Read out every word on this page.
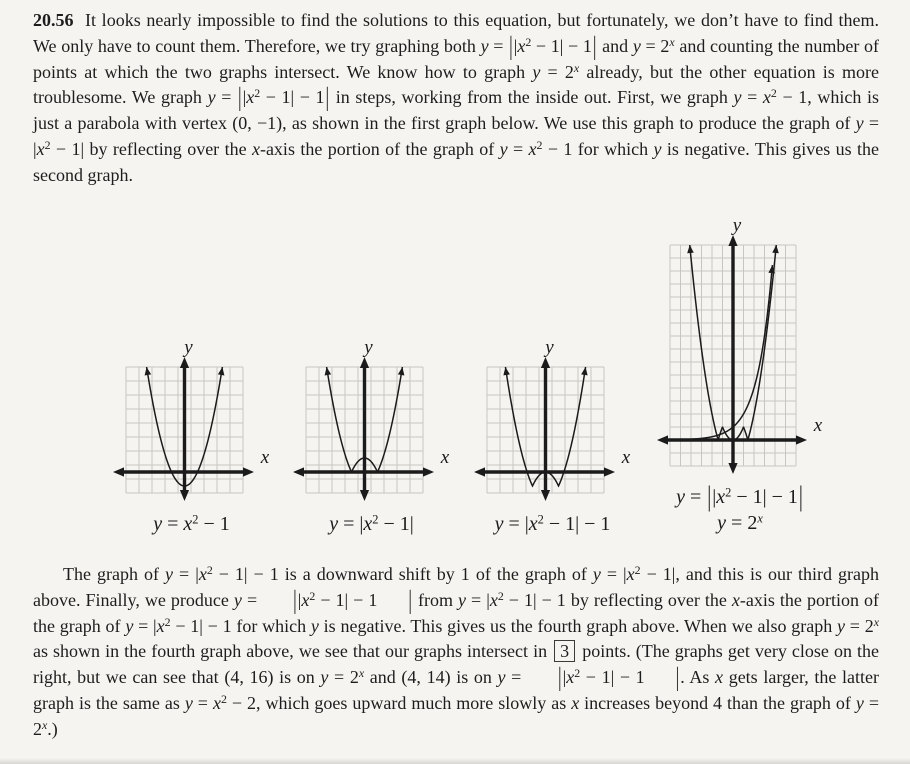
20.56  It looks nearly impossible to find the solutions to this equation, but fortunately, we don’t have to find them. We only have to count them. Therefore, we try graphing both $y = ||x^2 - 1| - 1|$ and $y = 2^x$ and counting the number of points at which the two graphs intersect. We know how to graph $y = 2^x$ already, but the other equation is more troublesome. We graph $y = ||x^2 - 1| - 1|$ in steps, working from the inside out. First, we graph $y = x^2 - 1$, which is just a parabola with vertex (0, −1), as shown in the first graph below. We use this graph to produce the graph of $y = |x^2 - 1|$ by reflecting over the x-axis the portion of the graph of $y = x^2 - 1$ for which y is negative. This gives us the second graph.
x
y
$y = x^2 - 1$
x
y
$y = |x^2 - 1|$
x
y
$y = |x^2 - 1| - 1$
x
y
$y = ||x^2 - 1| - 1|$
$y = 2^x$
The graph of $y = |x^2 - 1| - 1$ is a downward shift by 1 of the graph of $y = |x^2 - 1|$, and this is our third graph above. Finally, we produce $y = ||x^2 - 1| - 1$ | from $y = |x^2 - 1| - 1$ by reflecting over the x-axis the portion of the graph of $y = |x^2 - 1| - 1$ for which y is negative. This gives us the fourth graph above. When we also graph $y = 2^x$ as shown in the fourth graph above, we see that our graphs intersect in 3 points. (The graphs get very close on the right, but we can see that (4, 16) is on $y = 2^x$ and (4, 14) is on $y = ||x^2 - 1| - 1$ |. As x gets larger, the latter graph is the same as $y = x^2 - 2$, which goes upward much more slowly as x increases beyond 4 than the graph of $y = 2^x$.)
